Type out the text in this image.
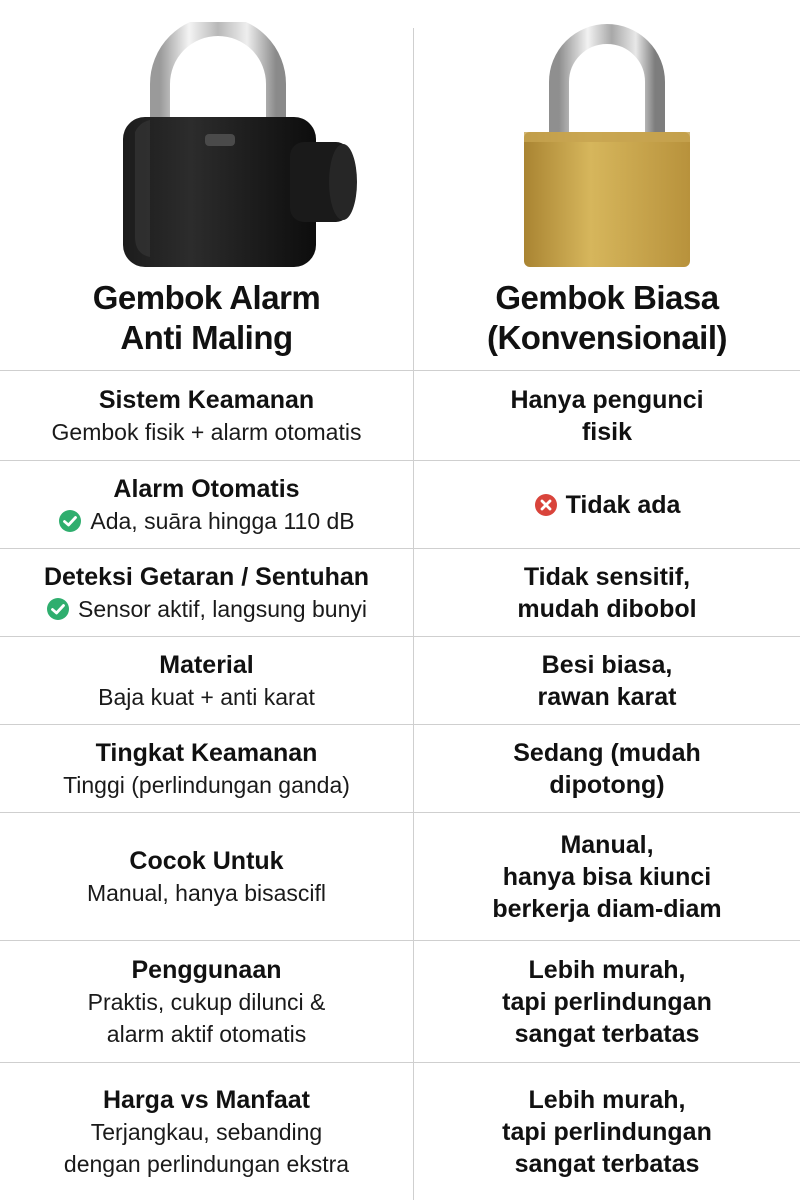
Gembok Alarm
Anti Maling
Gembok Biasa
(Konvensionail)
Sistem Keamanan
Gembok fisik + alarm otomatis
Hanya pengunci
fisik
Alarm Otomatis
Ada, suāra hingga 110 dB
Tidak ada
Deteksi Getaran / Sentuhan
Sensor aktif, langsung bunyi
Tidak sensitif,
mudah dibobol
Material
Baja kuat + anti karat
Besi biasa,
rawan karat
Tingkat Keamanan
Tinggi (perlindungan ganda)
Sedang (mudah
dipotong)
Cocok Untuk
Manual, hanya bisascifl
Manual,
hanya bisa kiunci
berkerja diam-diam
Penggunaan
Praktis, cukup dilunci &
alarm aktif otomatis
Lebih murah,
tapi perlindungan
sangat terbatas
Harga vs Manfaat
Terjangkau, sebanding
dengan perlindungan ekstra
Lebih murah,
tapi perlindungan
sangat terbatas
